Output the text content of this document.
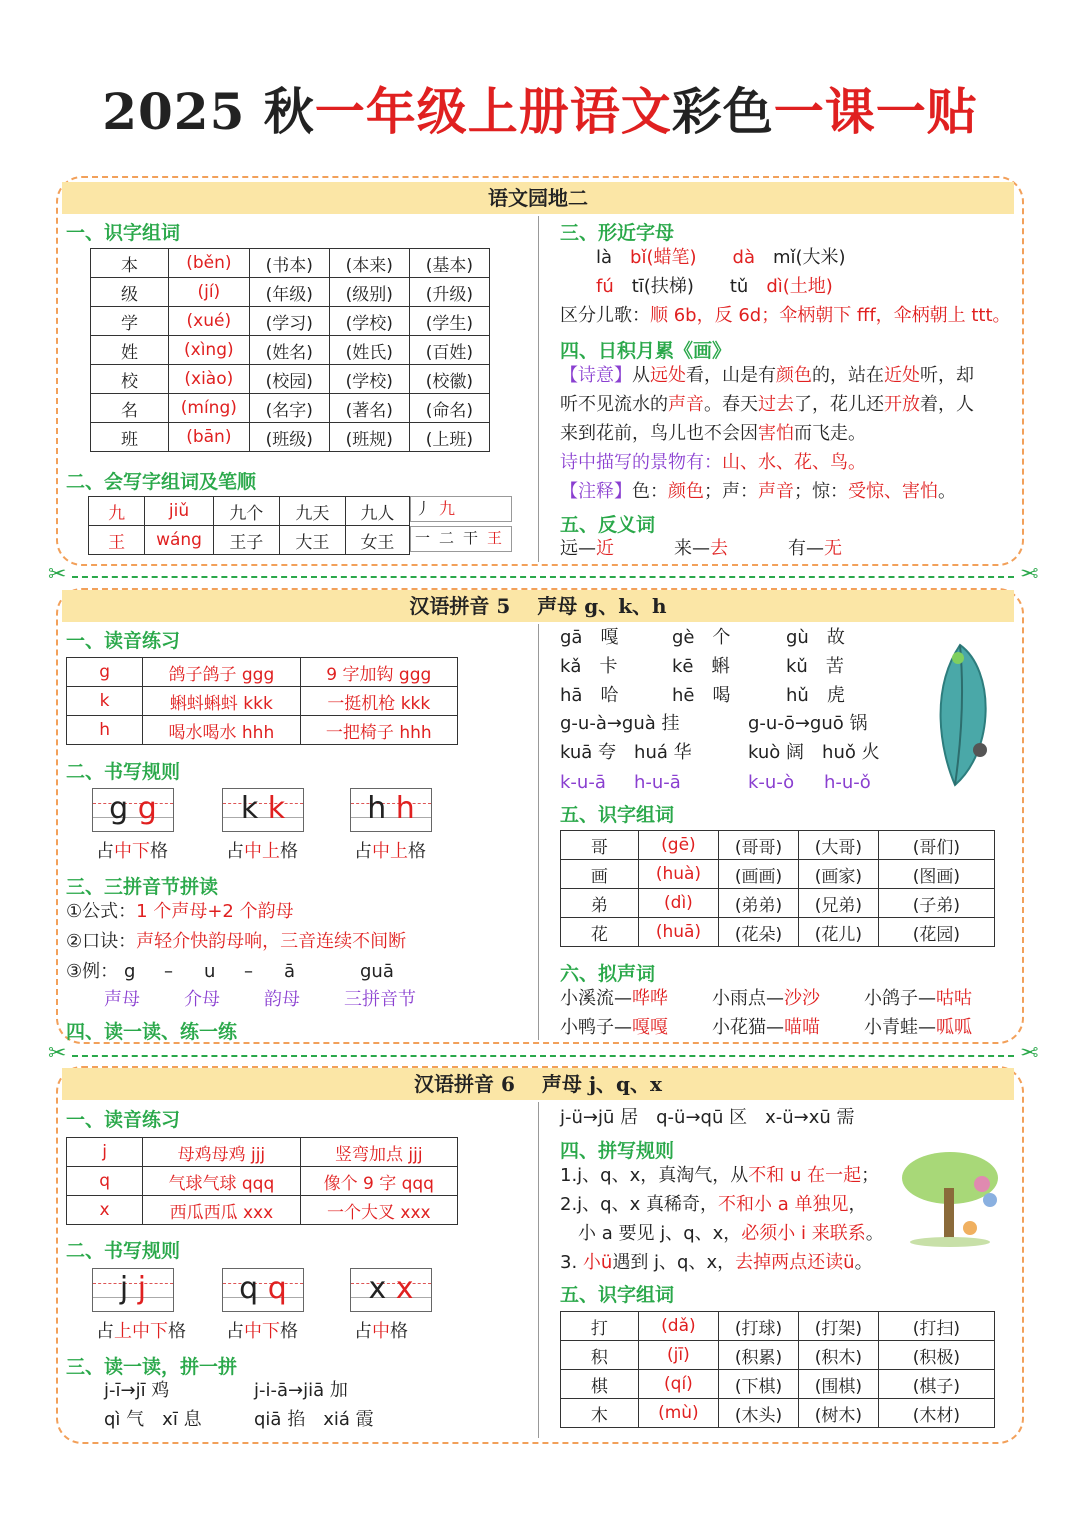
2025 秋一年级上册语文彩色一课一贴
语文园地二
一、识字组词
本	(běn)	(书本)	(本来)	(基本)
级	(jí)	(年级)	(级别)	(升级)
学	(xué)	(学习)	(学校)	(学生)
姓	(xìng)	(姓名)	(姓氏)	(百姓)
校	(xiào)	(校园)	(学校)	(校徽)
名	(míng)	(名字)	(著名)	(命名)
班	(bān)	(班级)	(班规)	(上班)
二、会写字组词及笔顺
九	jiǔ	九个	九天	九人
王	wáng	王子	大王	女王
丿 九
一 二 干 王
三、形近字母
là　 bǐ(蜡笔)　　 dà　 mǐ(大米)
fú　 tī(扶梯)　　 tǔ　 dì(土地)
区分儿歌：顺 6b，反 6d；伞柄朝下 fff，伞柄朝上 ttt。
四、日积月累《画》
【诗意】从远处看，山是有颜色的，站在近处听，却
听不见流水的声音。春天过去了，花儿还开放着，人
来到花前，鸟儿也不会因害怕而飞走。
诗中描写的景物有：山、水、花、鸟。
【注释】色：颜色；声：声音；惊：受惊、害怕。
五、反义词
远—近	来—去	有—无
✂	✂
汉语拼音 5　 声母 g、k、h
一、读音练习
g	鸽子鸽子 ggg	9 字加钩 ggg
k	蝌蚪蝌蚪 kkk	一挺机枪 kkk
h	喝水喝水 hhh	一把椅子 hhh
二、书写规则
g g
占中下格
k k
占中上格
h h
占中上格
三、三拼音节拼读
①公式：1 个声母+2 个韵母
②口诀：声轻介快韵母响，三音连续不间断
③例： g – u – ā	guā
声母 介母 韵母 三拼音节
四、读一读、练一练
gā　嘎	gè　个	gù　故
kǎ　卡	kē　蝌	kǔ　苦
hā　哈	hē　喝	hǔ　虎
g-u-à→guà 挂	g-u-ō→guō 锅
kuā 夸　 huá 华	kuò 阔　 huǒ 火
k-u-ā h-u-ā	k-u-ò h-u-ǒ
五、识字组词
哥	(gē)	(哥哥)	(大哥)	(哥们)
画	(huà)	(画画)	(画家)	(图画)
弟	(dì)	(弟弟)	(兄弟)	(子弟)
花	(huā)	(花朵)	(花儿)	(花园)
六、拟声词
小溪流—哗哗 小雨点—沙沙 小鸽子—咕咕
小鸭子—嘎嘎 小花猫—喵喵 小青蛙—呱呱
✂	✂
汉语拼音 6　 声母 j、q、x
一、读音练习
j	母鸡母鸡 jjj	竖弯加点 jjj
q	气球气球 qqq	像个 9 字 qqq
x	西瓜西瓜 xxx	一个大叉 xxx
二、书写规则
j j
占上中下格
q q
占中下格
x x
占中格
三、读一读，拼一拼
j-ī→jī 鸡	j-i-ā→jiā 加
qì 气　 xī 息	qiā 掐　 xiá 霞
j-ü→jū 居　q-ü→qū 区　x-ü→xū 需
四、拼写规则
1.j、q、x，真淘气，从不和 u 在一起；
2.j、q、x 真稀奇，不和小 a 单独见，
小 a 要见 j、q、x，必须小 i 来联系。
3. 小ü遇到 j、q、x，去掉两点还读ü。
五、识字组词
打	(dǎ)	(打球)	(打架)	(打扫)
积	(jī)	(积累)	(积木)	(积极)
棋	(qí)	(下棋)	(围棋)	(棋子)
木	(mù)	(木头)	(树木)	(木材)
